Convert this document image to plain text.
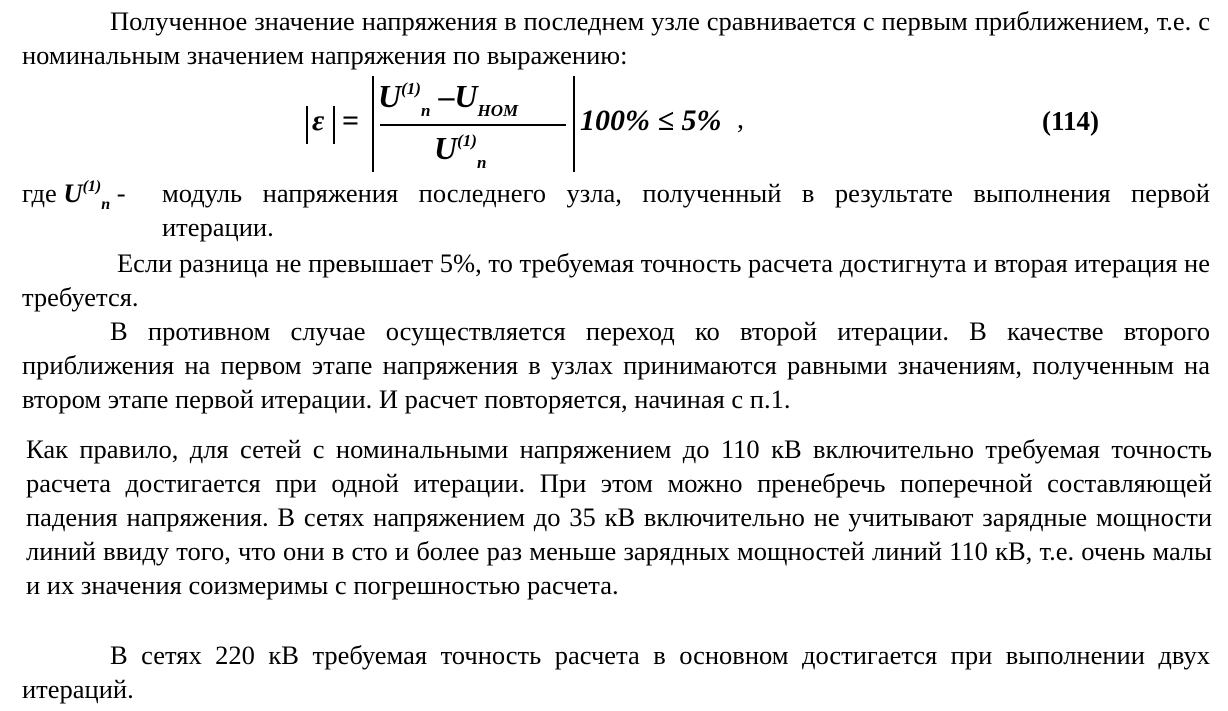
Полученное значение напряжения в последнем узле сравнивается с первым приближением, т.е. с номинальным значением напряжения по выражению:

ε =
$U^{(1)}_n$ $-U_{НОМ}$
$U^{(1)}_n$
100% ≤ 5% ,	(114)
где $U^{(1)}_n$ - модуль напряжения последнего узла, полученный в результате выполнения первой итерации.

Если разница не превышает 5%, то требуемая точность расчета достигнута и вторая итерация не требуется.

В противном случае осуществляется переход ко второй итерации. В качестве второго приближения на первом этапе напряжения в узлах принимаются равными значениям, полученным на втором этапе первой итерации. И расчет повторяется, начиная с п.1.

Как правило, для сетей с номинальными напряжением до 110 кВ включительно требуемая точность расчета достигается при одной итерации. При этом можно пренебречь поперечной составляющей падения напряжения. В сетях напряжением до 35 кВ включительно не учитывают зарядные мощности линий ввиду того, что они в сто и более раз меньше зарядных мощностей линий 110 кВ, т.е. очень малы и их значения соизмеримы с погрешностью расчета.

В сетях 220 кВ требуемая точность расчета в основном достигается при выполнении двух итераций.
